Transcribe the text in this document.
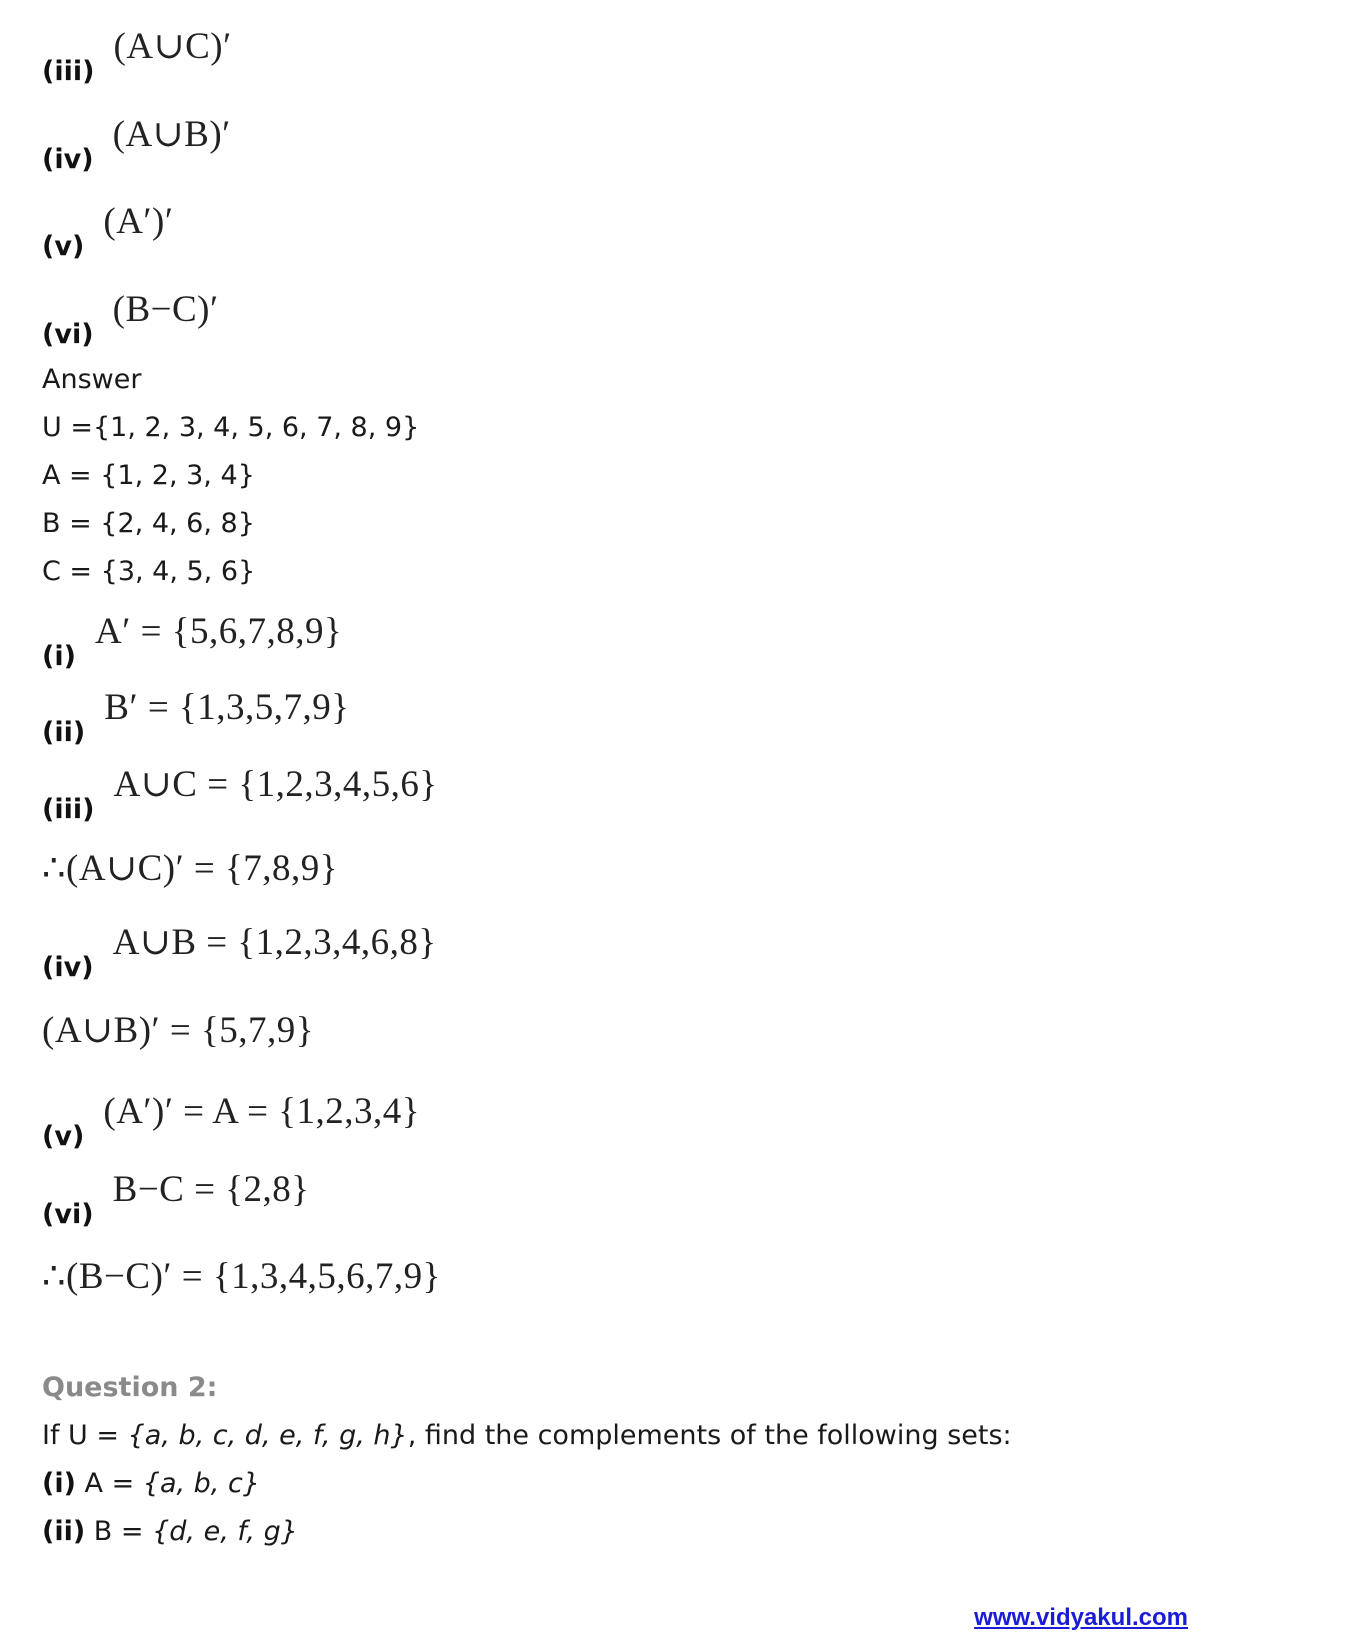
(iii) (A∪C)′
(iv) (A∪B)′
(v) (A′)′
(vi) (B−C)′
Answer
U ={1, 2, 3, 4, 5, 6, 7, 8, 9}
A = {1, 2, 3, 4}
B = {2, 4, 6, 8}
C = {3, 4, 5, 6}
(i) A′ = {5,6,7,8,9}
(ii) B′ = {1,3,5,7,9}
(iii) A∪C = {1,2,3,4,5,6}
∴(A∪C)′ = {7,8,9}
(iv) A∪B = {1,2,3,4,6,8}
(A∪B)′ = {5,7,9}
(v) (A′)′ = A = {1,2,3,4}
(vi) B−C = {2,8}
∴(B−C)′ = {1,3,4,5,6,7,9}
Question 2:
If U = {a, b, c, d, e, f, g, h}, find the complements of the following sets:
(i) A = {a, b, c}
(ii) B = {d, e, f, g}
www.vidyakul.com
